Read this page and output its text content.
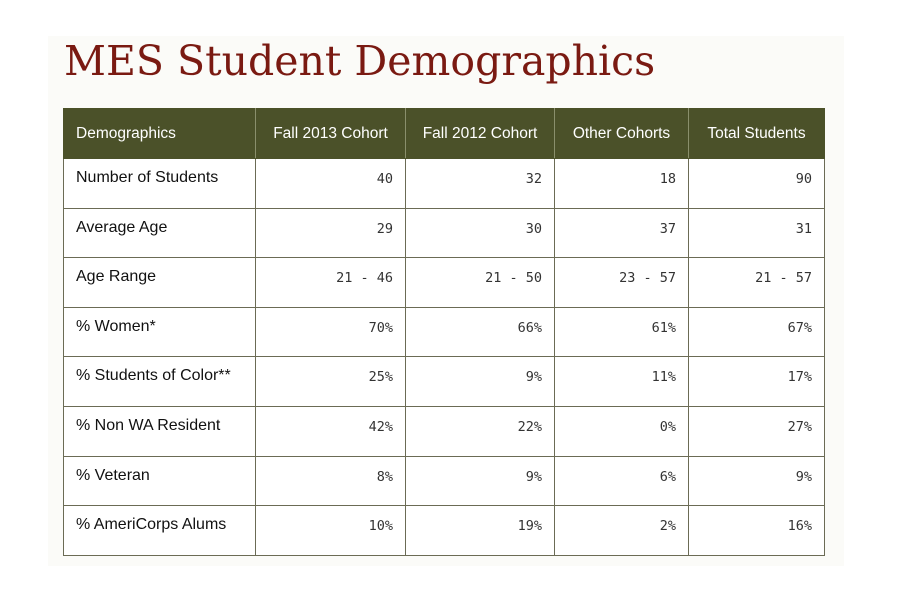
MES Student Demographics
Demographics	Fall 2013 Cohort	Fall 2012 Cohort	Other Cohorts	Total Students
Number of Students	40	32	18	90
Average Age	29	30	37	31
Age Range	21 - 46	21 - 50	23 - 57	21 - 57
% Women*	70%	66%	61%	67%
% Students of Color**	25%	9%	11%	17%
% Non WA Resident	42%	22%	0%	27%
% Veteran	8%	9%	6%	9%
% AmeriCorps Alums	10%	19%	2%	16%
